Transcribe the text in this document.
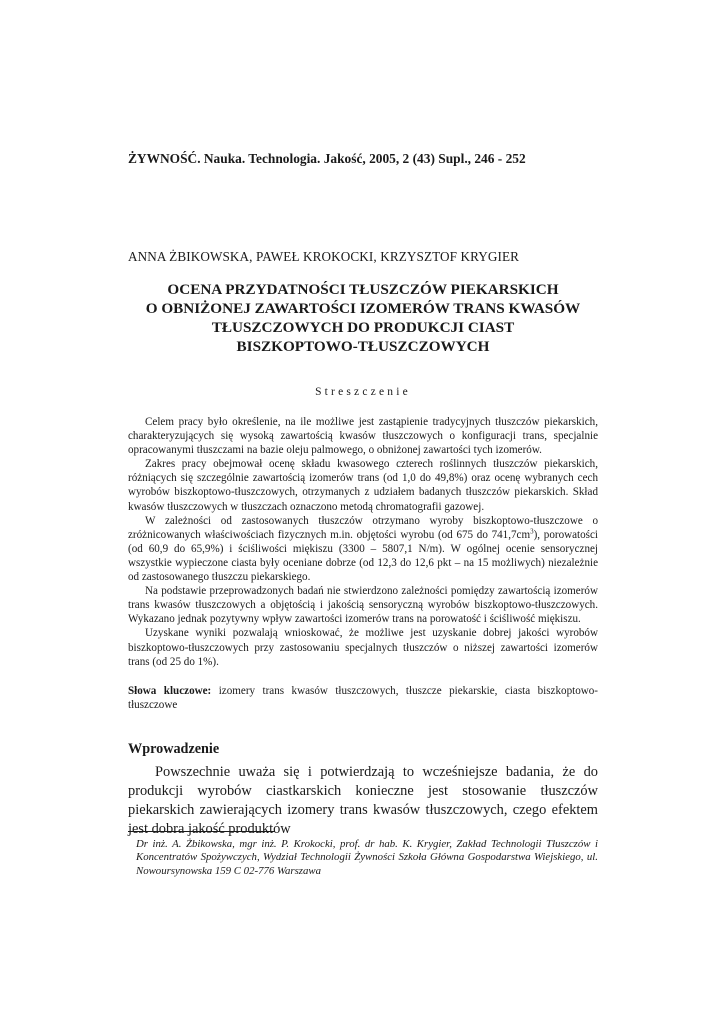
ŻYWNOŚĆ. Nauka. Technologia. Jakość, 2005, 2 (43) Supl., 246 - 252
ANNA ŻBIKOWSKA, PAWEŁ KROKOCKI, KRZYSZTOF KRYGIER
OCENA PRZYDATNOŚCI TŁUSZCZÓW PIEKARSKICH
O OBNIŻONEJ ZAWARTOŚCI IZOMERÓW TRANS KWASÓW
TŁUSZCZOWYCH DO PRODUKCJI CIAST
BISZKOPTOWO-TŁUSZCZOWYCH
Streszczenie

Celem pracy było określenie, na ile możliwe jest zastąpienie tradycyjnych tłuszczów piekarskich, charakteryzujących się wysoką zawartością kwasów tłuszczowych o konfiguracji trans, specjalnie opracowanymi tłuszczami na bazie oleju palmowego, o obniżonej zawartości tych izomerów.

Zakres pracy obejmował ocenę składu kwasowego czterech roślinnych tłuszczów piekarskich, różniących się szczególnie zawartością izomerów trans (od 1,0 do 49,8%) oraz ocenę wybranych cech wyrobów biszkoptowo-tłuszczowych, otrzymanych z udziałem badanych tłuszczów piekarskich. Skład kwasów tłuszczowych w tłuszczach oznaczono metodą chromatografii gazowej.

W zależności od zastosowanych tłuszczów otrzymano wyroby biszkoptowo-tłuszczowe o zróżnicowanych właściwościach fizycznych m.in. objętości wyrobu (od 675 do $741,7cm^3$), porowatości (od 60,9 do 65,9%) i ściśliwości miękiszu (3300 – 5807,1 N/m). W ogólnej ocenie sensorycznej wszystkie wypieczone ciasta były oceniane dobrze (od 12,3 do 12,6 pkt – na 15 możliwych) niezależnie od zastosowanego tłuszczu piekarskiego.

Na podstawie przeprowadzonych badań nie stwierdzono zależności pomiędzy zawartością izomerów trans kwasów tłuszczowych a objętością i jakością sensoryczną wyrobów biszkoptowo-tłuszczowych. Wykazano jednak pozytywny wpływ zawartości izomerów trans na porowatość i ściśliwość miękiszu.

Uzyskane wyniki pozwalają wnioskować, że możliwe jest uzyskanie dobrej jakości wyrobów biszkoptowo-tłuszczowych przy zastosowaniu specjalnych tłuszczów o niższej zawartości izomerów trans (od 25 do 1%).

Słowa kluczowe: izomery trans kwasów tłuszczowych, tłuszcze piekarskie, ciasta biszkoptowo-tłuszczowe
Wprowadzenie

Powszechnie uważa się i potwierdzają to wcześniejsze badania, że do produkcji wyrobów ciastkarskich konieczne jest stosowanie tłuszczów piekarskich zawierających izomery trans kwasów tłuszczowych, czego efektem jest dobra jakość produktów

Dr inż. A. Żbikowska, mgr inż. P. Krokocki, prof. dr hab. K. Krygier, Zakład Technologii Tłuszczów i Koncentratów Spożywczych, Wydział Technologii Żywności Szkoła Główna Gospodarstwa Wiejskiego, ul. Nowoursynowska 159 C 02-776 Warszawa
